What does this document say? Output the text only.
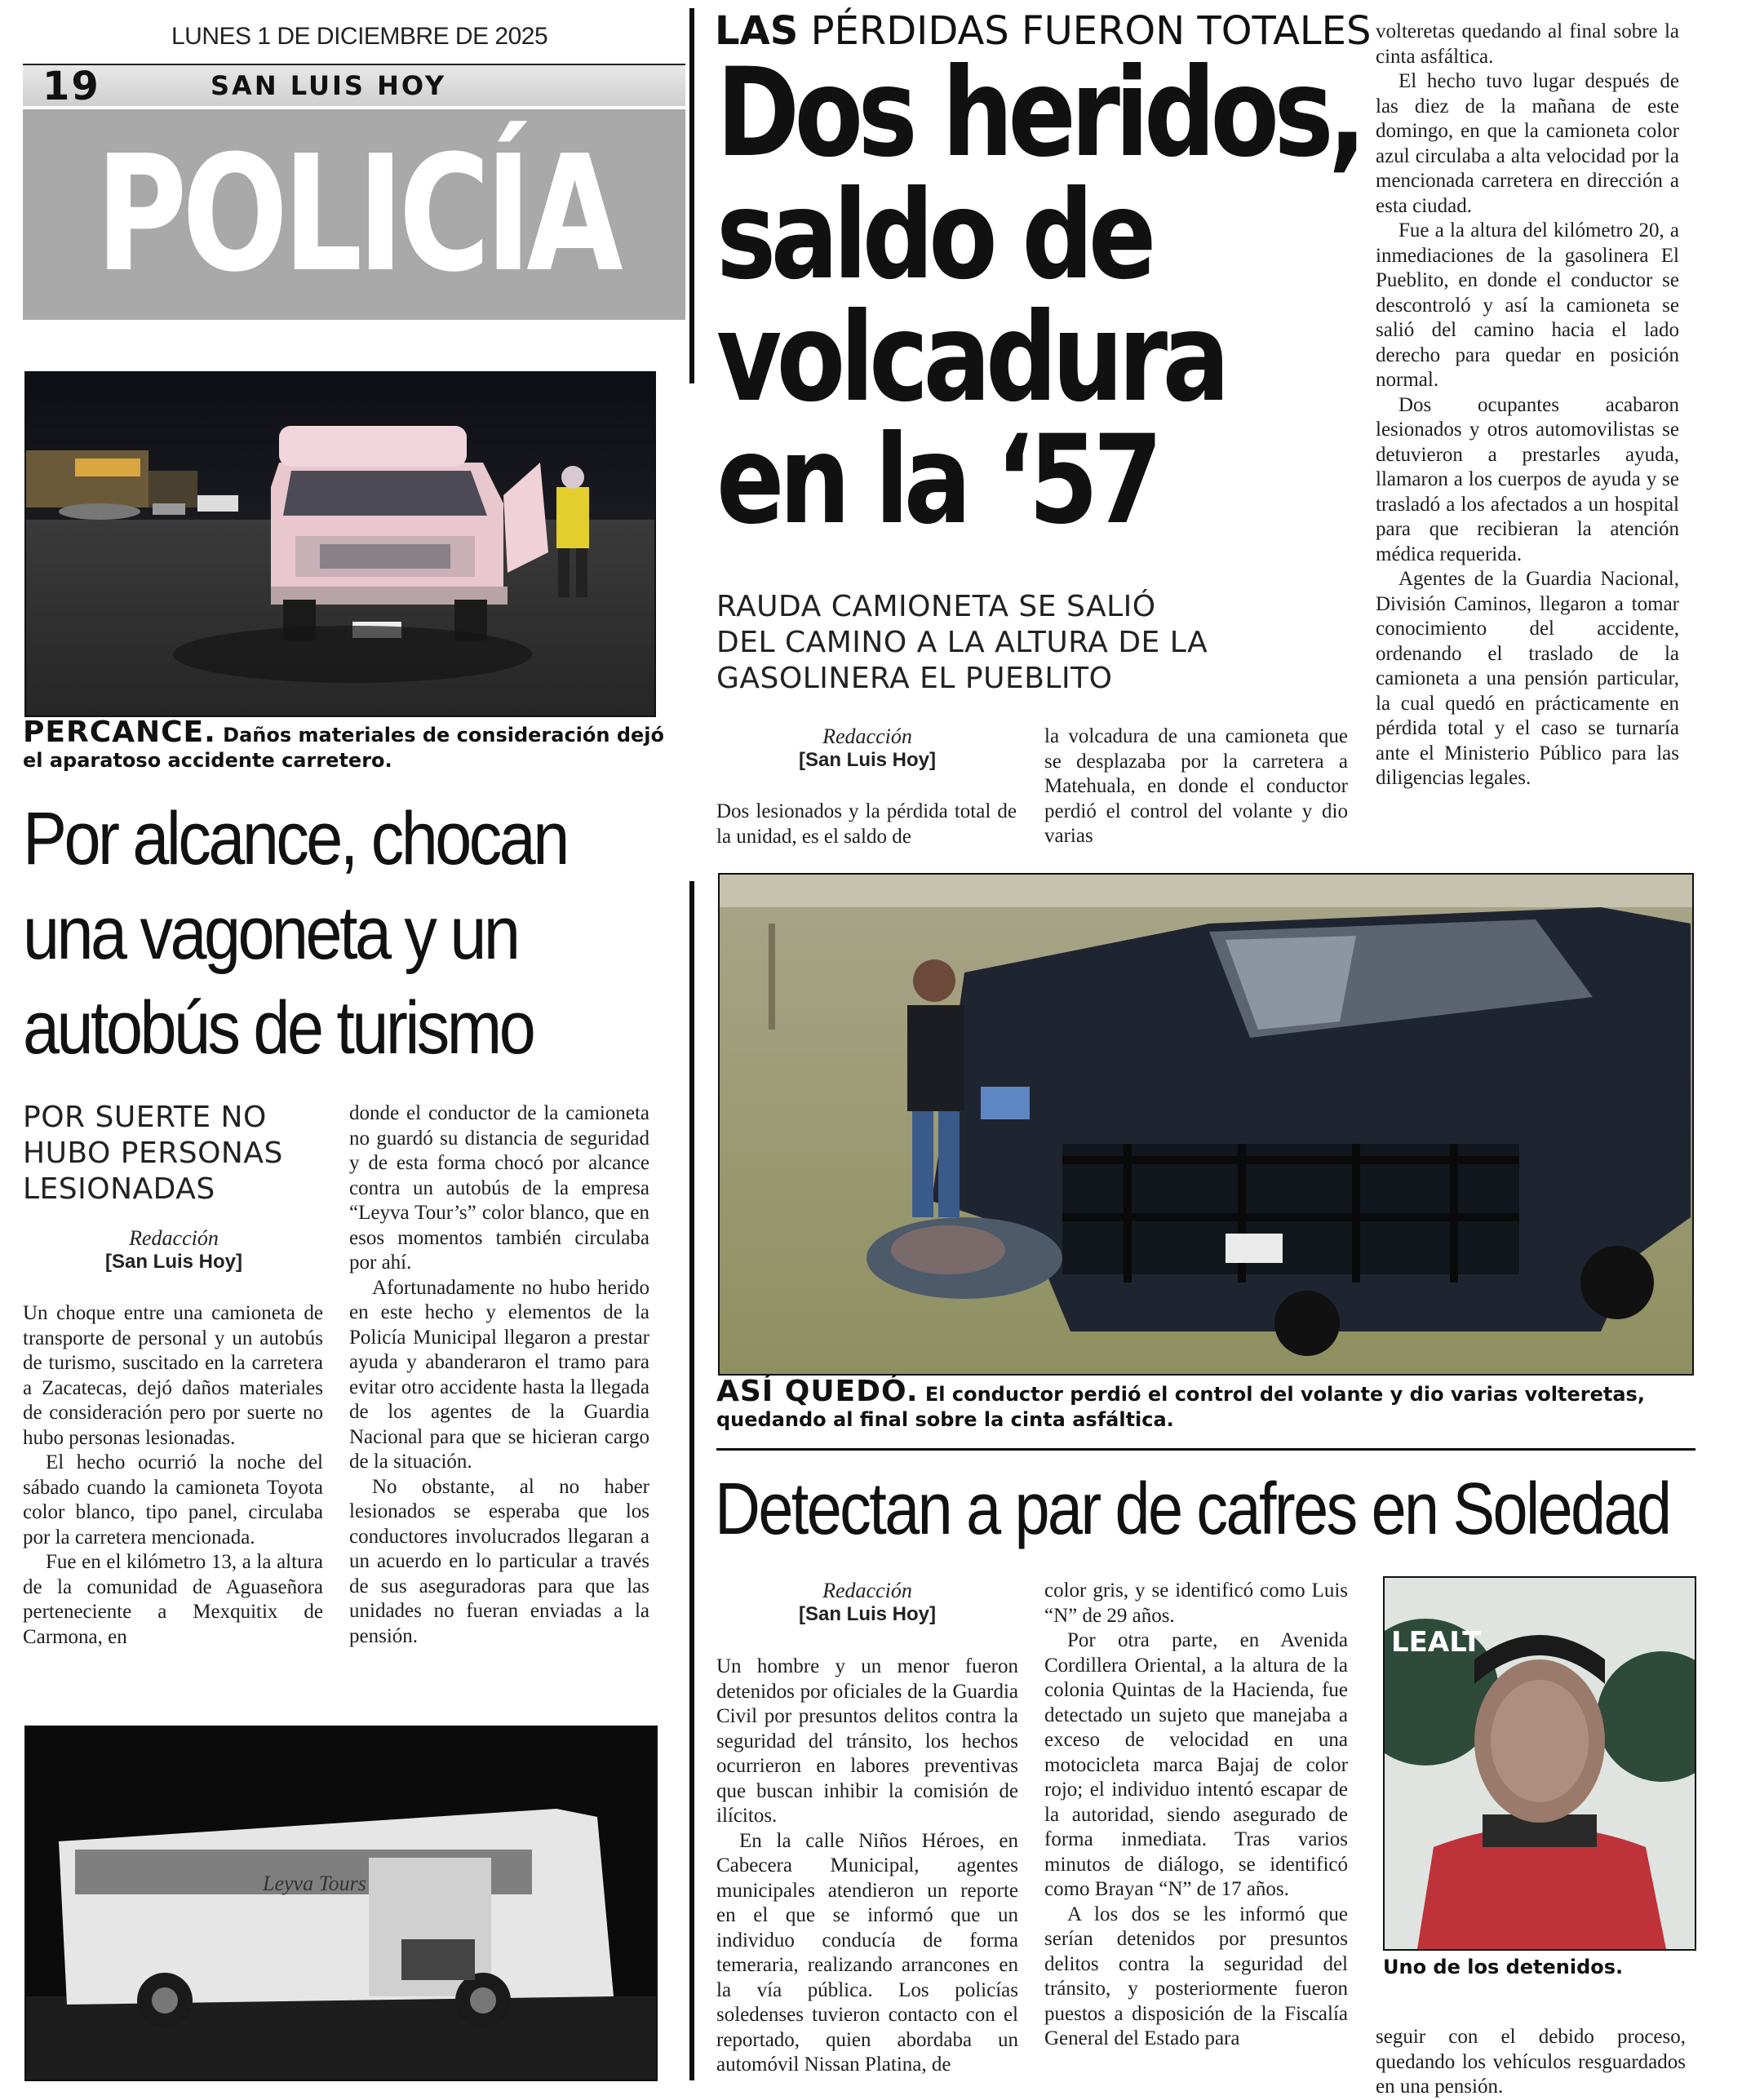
LUNES 1 DE DICIEMBRE DE 2025
19	SAN LUIS HOY
POLICÍA
PERCANCE. Daños materiales de consideración dejó el aparatoso accidente carretero.
Por alcance, chocan
una vagoneta y un
autobús de turismo
POR SUERTE NO
HUBO PERSONAS
LESIONADAS
Redacción
[San Luis Hoy]

Un choque entre una camioneta de transporte de personal y un autobús de turismo, suscitado en la carretera a Zacatecas, dejó daños materiales de consideración pero por suerte no hubo personas lesionadas.

El hecho ocurrió la noche del sábado cuando la camioneta Toyota color blanco, tipo panel, circulaba por la carretera mencionada.

Fue en el kilómetro 13, a la altura de la comunidad de Aguaseñora perteneciente a Mexquitix de Carmona, en

donde el conductor de la camioneta no guardó su distancia de seguridad y de esta forma chocó por alcance contra un autobús de la empresa “Leyva Tour’s” color blanco, que en esos momentos también circulaba por ahí.

Afortunadamente no hubo herido en este hecho y elementos de la Policía Municipal llegaron a prestar ayuda y abanderaron el tramo para evitar otro accidente hasta la llegada de los agentes de la Guardia Nacional para que se hicieran cargo de la situación.

No obstante, al no haber lesionados se esperaba que los conductores involucrados llegaran a un acuerdo en lo particular a través de sus aseguradoras para que las unidades no fueran enviadas a la pensión.

Leyva Tours
LAS PÉRDIDAS FUERON TOTALES
Dos heridos,
saldo de
volcadura
en la ‘57
RAUDA CAMIONETA SE SALIÓ
DEL CAMINO A LA ALTURA DE LA
GASOLINERA EL PUEBLITO
Redacción
[San Luis Hoy]

Dos lesionados y la pérdida total de la unidad, es el saldo de

la volcadura de una camioneta que se desplazaba por la carretera a Matehuala, en donde el conductor perdió el control del volante y dio varias

volteretas quedando al final sobre la cinta asfáltica.

El hecho tuvo lugar después de las diez de la mañana de este domingo, en que la camioneta color azul circulaba a alta velocidad por la mencionada carretera en dirección a esta ciudad.

Fue a la altura del kilómetro 20, a inmediaciones de la gasolinera El Pueblito, en donde el conductor se descontroló y así la camioneta se salió del camino hacia el lado derecho para quedar en posición normal.

Dos ocupantes acabaron lesionados y otros automovilistas se detuvieron a prestarles ayuda, llamaron a los cuerpos de ayuda y se trasladó a los afectados a un hospital para que recibieran la atención médica requerida.

Agentes de la Guardia Nacional, División Caminos, llegaron a tomar conocimiento del accidente, ordenando el traslado de la camioneta a una pensión particular, la cual quedó en prácticamente en pérdida total y el caso se turnaría ante el Ministerio Público para las diligencias legales.

ASÍ QUEDÓ. El conductor perdió el control del volante y dio varias volteretas, quedando al final sobre la cinta asfáltica.
Detectan a par de cafres en Soledad
Redacción
[San Luis Hoy]

Un hombre y un menor fueron detenidos por oficiales de la Guardia Civil por presuntos delitos contra la seguridad del tránsito, los hechos ocurrieron en labores preventivas que buscan inhibir la comisión de ilícitos.

En la calle Niños Héroes, en Cabecera Municipal, agentes municipales atendieron un reporte en el que se informó que un individuo conducía de forma temeraria, realizando arrancones en la vía pública. Los policías soledenses tuvieron contacto con el reportado, quien abordaba un automóvil Nissan Platina, de

color gris, y se identificó como Luis “N” de 29 años.

Por otra parte, en Avenida Cordillera Oriental, a la altura de la colonia Quintas de la Hacienda, fue detectado un sujeto que manejaba a exceso de velocidad en una motocicleta marca Bajaj de color rojo; el individuo intentó escapar de la autoridad, siendo asegurado de forma inmediata. Tras varios minutos de diálogo, se identificó como Brayan “N” de 17 años.

A los dos se les informó que serían detenidos por presuntos delitos contra la seguridad del tránsito, y posteriormente fueron puestos a disposición de la Fiscalía General del Estado para

LEALT
Uno de los detenidos.

seguir con el debido proceso, quedando los vehículos resguardados en una pensión.
